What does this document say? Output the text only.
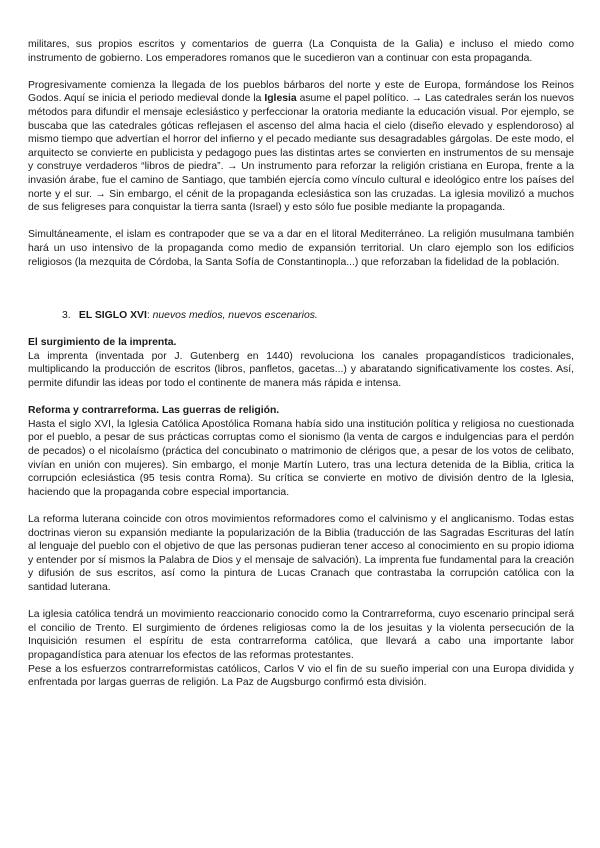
militares, sus propios escritos y comentarios de guerra (La Conquista de la Galia) e incluso el miedo como instrumento de gobierno. Los emperadores romanos que le sucedieron van a continuar con esta propaganda.

Progresivamente comienza la llegada de los pueblos bárbaros del norte y este de Europa, formándose los Reinos Godos. Aquí se inicia el periodo medieval donde la Iglesia asume el papel político. → Las catedrales serán los nuevos métodos para difundir el mensaje eclesiástico y perfeccionar la oratoria mediante la educación visual. Por ejemplo, se buscaba que las catedrales góticas reflejasen el ascenso del alma hacia el cielo (diseño elevado y esplendoroso) al mismo tiempo que advertían el horror del infierno y el pecado mediante sus desagradables gárgolas. De este modo, el arquitecto se convierte en publicista y pedagogo pues las distintas artes se convierten en instrumentos de su mensaje y construye verdaderos “libros de piedra”. → Un instrumento para reforzar la religión cristiana en Europa, frente a la invasión árabe, fue el camino de Santiago, que también ejercía como vínculo cultural e ideológico entre los países del norte y el sur. → Sin embargo, el cénit de la propaganda eclesiástica son las cruzadas. La iglesia movilizó a muchos de sus feligreses para conquistar la tierra santa (Israel) y esto sólo fue posible mediante la propaganda.

Simultáneamente, el islam es contrapoder que se va a dar en el litoral Mediterráneo. La religión musulmana también hará un uso intensivo de la propaganda como medio de expansión territorial. Un claro ejemplo son los edificios religiosos (la mezquita de Córdoba, la Santa Sofía de Constantinopla...) que reforzaban la fidelidad de la población.

3. EL SIGLO XVI: nuevos medios, nuevos escenarios.

El surgimiento de la imprenta.

La imprenta (inventada por J. Gutenberg en 1440) revoluciona los canales propagandísticos tradicionales, multiplicando la producción de escritos (libros, panfletos, gacetas...) y abaratando significativamente los costes. Así, permite difundir las ideas por todo el continente de manera más rápida e intensa.

Reforma y contrarreforma. Las guerras de religión.

Hasta el siglo XVI, la Iglesia Católica Apostólica Romana había sido una institución política y religiosa no cuestionada por el pueblo, a pesar de sus prácticas corruptas como el sionismo (la venta de cargos e indulgencias para el perdón de pecados) o el nicolaísmo (práctica del concubinato o matrimonio de clérigos que, a pesar de los votos de celibato, vivían en unión con mujeres). Sin embargo, el monje Martín Lutero, tras una lectura detenida de la Biblia, critica la corrupción eclesiástica (95 tesis contra Roma). Su crítica se convierte en motivo de división dentro de la Iglesia, haciendo que la propaganda cobre especial importancia.

La reforma luterana coincide con otros movimientos reformadores como el calvinismo y el anglicanismo. Todas estas doctrinas vieron su expansión mediante la popularización de la Biblia (traducción de las Sagradas Escrituras del latín al lenguaje del pueblo con el objetivo de que las personas pudieran tener acceso al conocimiento en su propio idioma y entender por sí mismos la Palabra de Dios y el mensaje de salvación). La imprenta fue fundamental para la creación y difusión de sus escritos, así como la pintura de Lucas Cranach que contrastaba la corrupción católica con la santidad luterana.

La iglesia católica tendrá un movimiento reaccionario conocido como la Contrarreforma, cuyo escenario principal será el concilio de Trento. El surgimiento de órdenes religiosas como la de los jesuitas y la violenta persecución de la Inquisición resumen el espíritu de esta contrarreforma católica, que llevará a cabo una importante labor propagandística para atenuar los efectos de las reformas protestantes.

Pese a los esfuerzos contrarreformistas católicos, Carlos V vio el fin de su sueño imperial con una Europa dividida y enfrentada por largas guerras de religión. La Paz de Augsburgo confirmó esta división.
